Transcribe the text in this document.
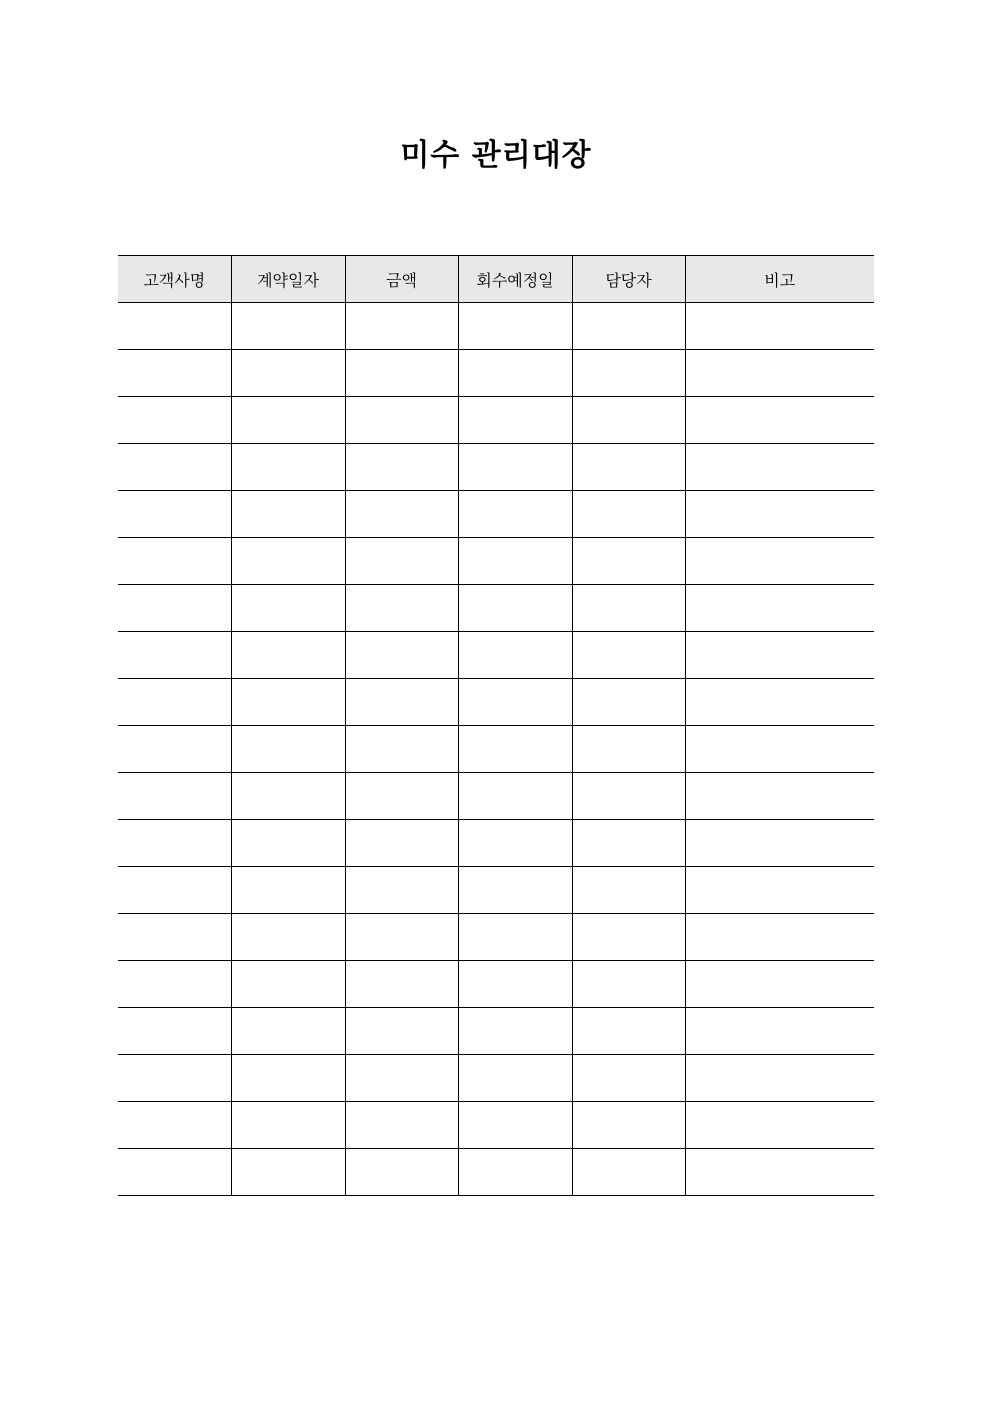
미수 관리대장
고객사명	계약일자	금액	회수예정일	담당자	비고
